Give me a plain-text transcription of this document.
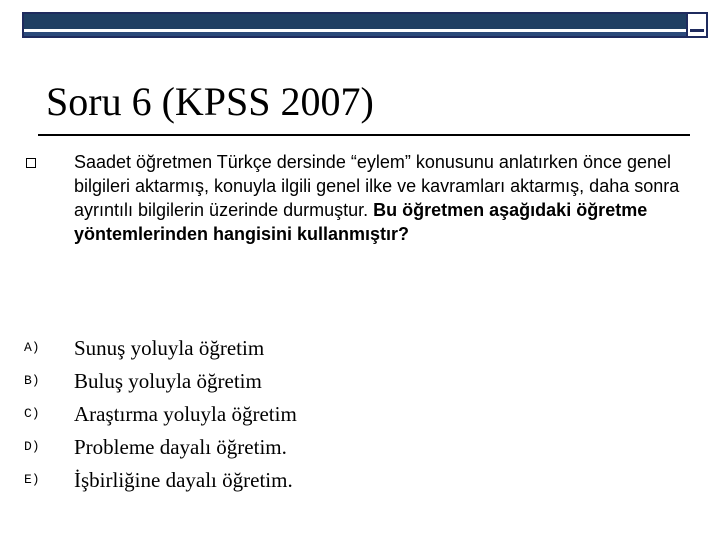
Soru 6 (KPSS 2007)
Saadet öğretmen Türkçe dersinde “eylem” konusunu anlatırken önce genel bilgileri aktarmış, konuyla ilgili genel ilke ve kavramları aktarmış, daha sonra ayrıntılı bilgilerin üzerinde durmuştur. Bu öğretmen aşağıdaki öğretme yöntemlerinden hangisini kullanmıştır?
A) Sunuş yoluyla öğretim
B) Buluş yoluyla öğretim
C) Araştırma yoluyla öğretim
D) Probleme dayalı öğretim.
E) İşbirliğine dayalı öğretim.
